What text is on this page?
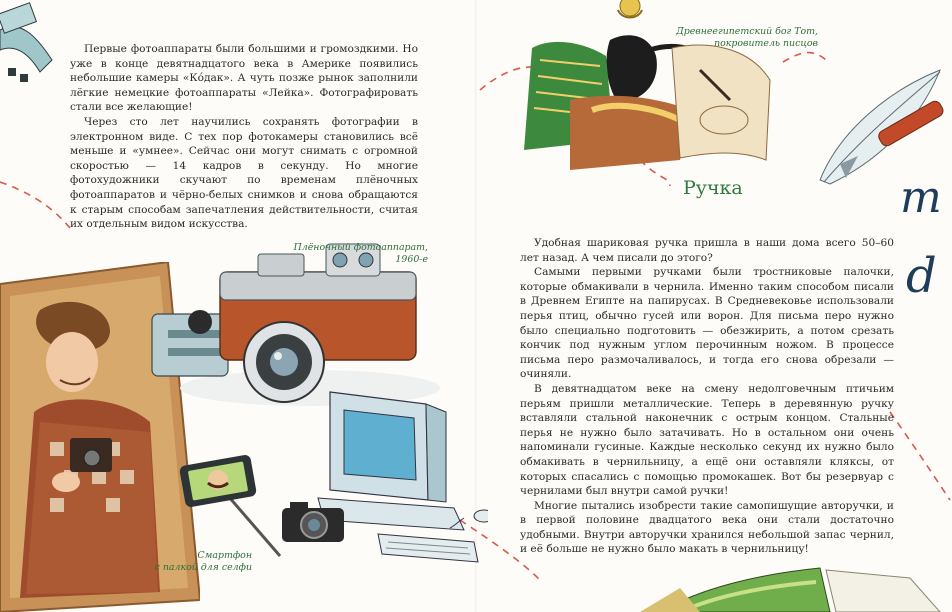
Первые фотоаппараты были большими и громоздкими. Но уже в конце девятнадцатого века в Америке появились небольшие камеры «Ко́дак». А чуть позже рынок заполнили лёгкие немецкие фотоаппараты «Лейка». Фотографировать стали все желающие!

Через сто лет научились сохранять фотографии в электронном виде. С тех пор фотокамеры становились всё меньше и «умнее». Сейчас они могут снимать с огромной скоростью — 14 кадров в секунду. Но многие фотохудожники скучают по временам плёночных фотоаппаратов и чёрно-белых снимков и снова обращаются к старым способам запечатления действительности, считая их отдельным видом искусства.

Плёночный фотоаппарат,
1960-е
Смартфон
с палкой для селфи
Древнеегипетский бог Тот,
покровитель писцов
Ручка	m
d

Удобная шариковая ручка пришла в наши дома всего 50–60 лет назад. А чем писали до этого?

Самыми первыми ручками были тростниковые палочки, которые обмакивали в чернила. Именно таким способом писали в Древнем Египте на папирусах. В Средневековье использовали перья птиц, обычно гусей или ворон. Для письма перо нужно было специально подготовить — обезжирить, а потом срезать кончик под нужным углом перочинным ножом. В процессе письма перо размочаливалось, и тогда его снова обрезали — очиняли.

В девятнадцатом веке на смену недолговечным птичьим перьям пришли металлические. Теперь в деревянную ручку вставляли стальной наконечник с острым концом. Стальные перья не нужно было затачивать. Но в остальном они очень напоминали гусиные. Каждые несколько секунд их нужно было обмакивать в чернильницу, а ещё они оставляли кляксы, от которых спасались с помощью промокашек. Вот бы резервуар с чернилами был внутри самой ручки!

Многие пытались изобрести такие самопишущие авторучки, и в первой половине двадцатого века они стали достаточно удобными. Внутри авторучки хранился небольшой запас чернил, и её больше не нужно было макать в чернильницу!
